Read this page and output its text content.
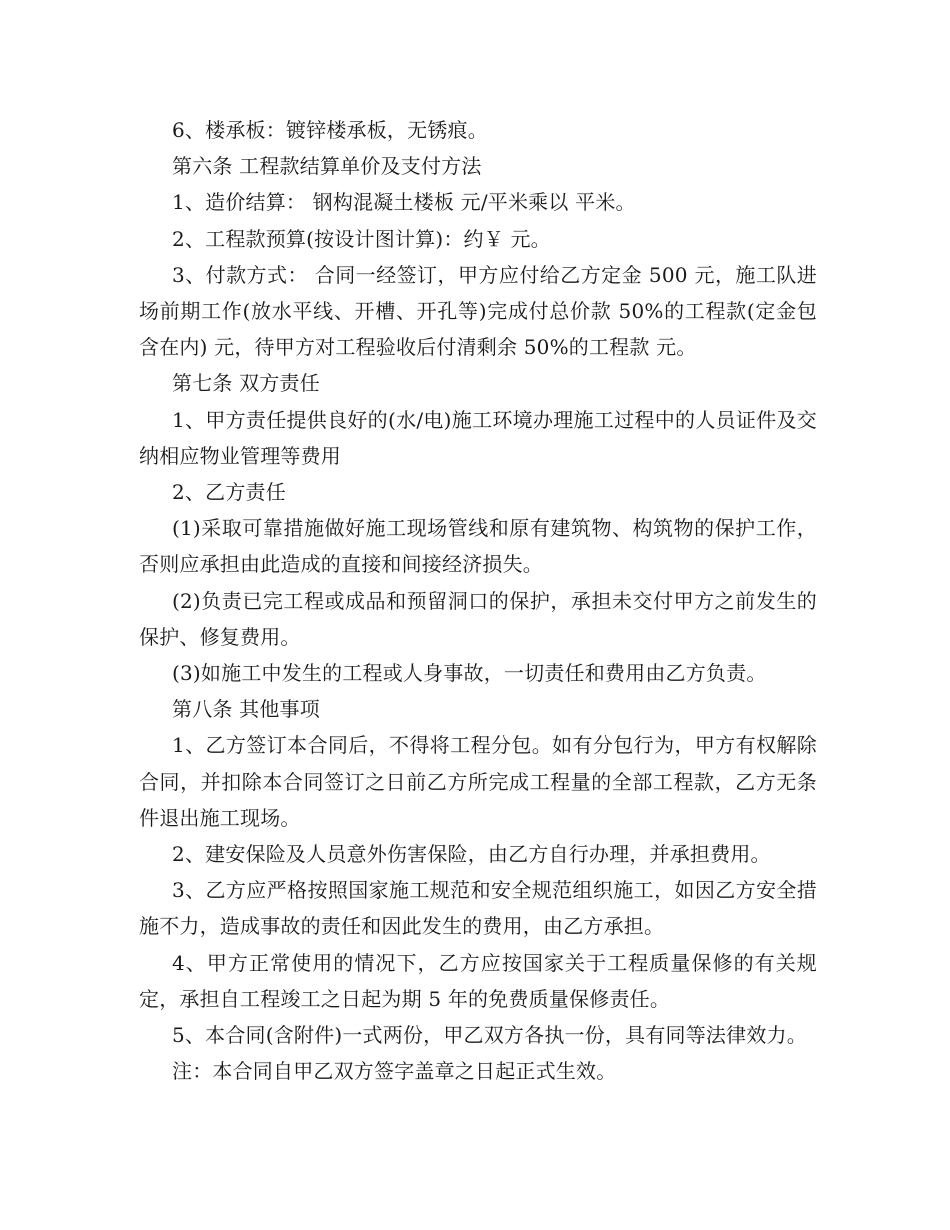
6、楼承板：镀锌楼承板，无锈痕。

第六条 工程款结算单价及支付方法

1、造价结算： 钢构混凝土楼板 元/平米乘以 平米。

2、工程款预算(按设计图计算)：约￥ 元。

3、付款方式： 合同一经签订，甲方应付给乙方定金 500 元，施工队进场前期工作(放水平线、开槽、开孔等)完成付总价款 50%的工程款(定金包含在内) 元，待甲方对工程验收后付清剩余 50%的工程款 元。

第七条 双方责任

1、甲方责任提供良好的(水/电)施工环境办理施工过程中的人员证件及交纳相应物业管理等费用

2、乙方责任

(1)采取可靠措施做好施工现场管线和原有建筑物、构筑物的保护工作，否则应承担由此造成的直接和间接经济损失。

(2)负责已完工程或成品和预留洞口的保护，承担未交付甲方之前发生的保护、修复费用。

(3)如施工中发生的工程或人身事故，一切责任和费用由乙方负责。

第八条 其他事项

1、乙方签订本合同后，不得将工程分包。如有分包行为，甲方有权解除合同，并扣除本合同签订之日前乙方所完成工程量的全部工程款，乙方无条件退出施工现场。

2、建安保险及人员意外伤害保险，由乙方自行办理，并承担费用。

3、乙方应严格按照国家施工规范和安全规范组织施工，如因乙方安全措施不力，造成事故的责任和因此发生的费用，由乙方承担。

4、甲方正常使用的情况下，乙方应按国家关于工程质量保修的有关规定，承担自工程竣工之日起为期 5 年的免费质量保修责任。

5、本合同(含附件)一式两份，甲乙双方各执一份，具有同等法律效力。

注：本合同自甲乙双方签字盖章之日起正式生效。
